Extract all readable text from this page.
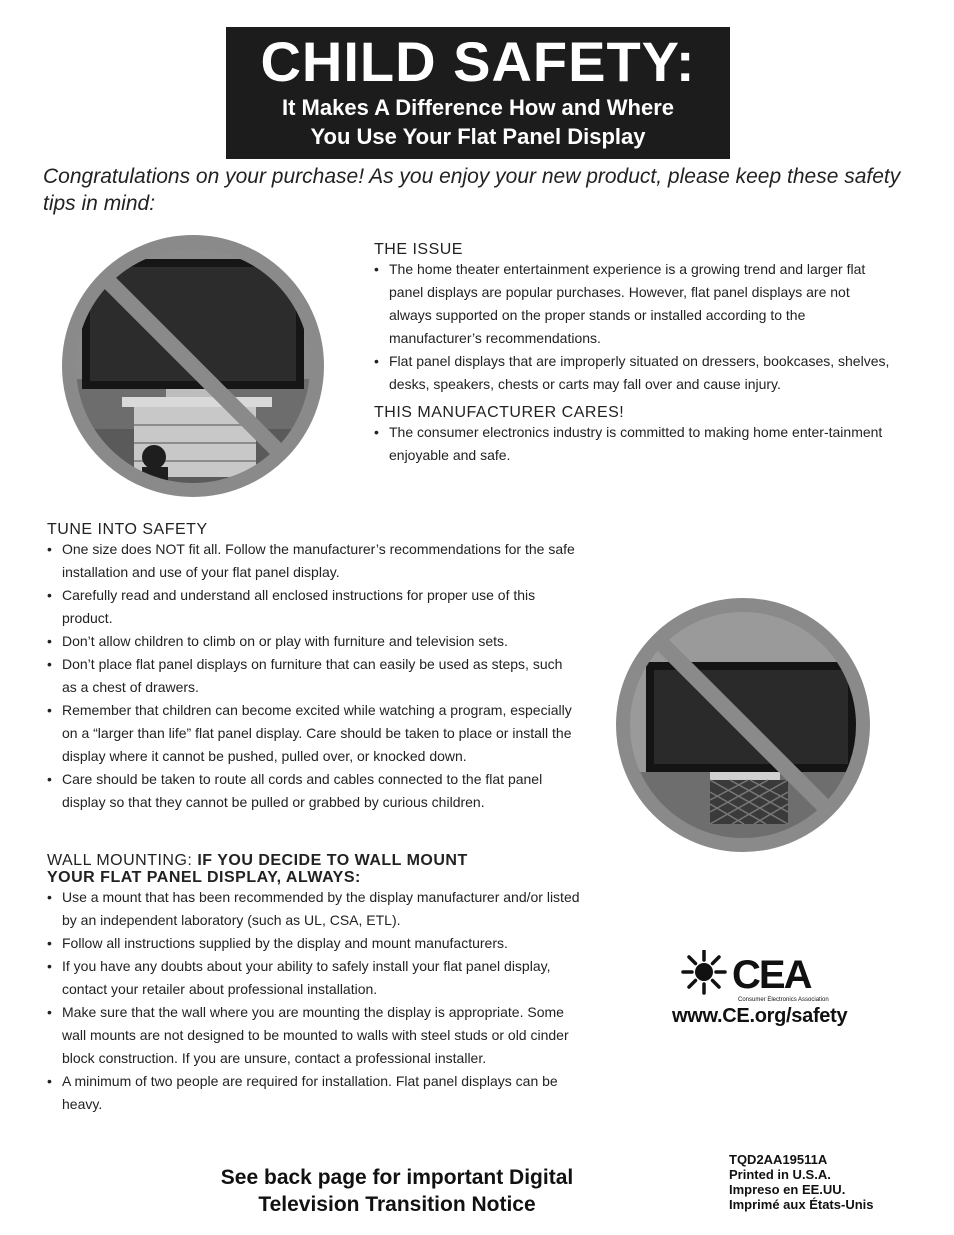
CHILD SAFETY:
It Makes A Difference How and Where
You Use Your Flat Panel Display
Congratulations on your purchase! As you enjoy your new product, please keep these safety tips in mind:
THE ISSUE
• The home theater entertainment experience is a growing trend and larger flat panel displays are popular purchases. However, flat panel displays are not always supported on the proper stands or installed according to the manufacturer’s recommendations.
• Flat panel displays that are improperly situated on dressers, bookcases, shelves, desks, speakers, chests or carts may fall over and cause injury.
THIS MANUFACTURER CARES!
• The consumer electronics industry is committed to making home enter-tainment enjoyable and safe.
TUNE INTO SAFETY
• One size does NOT fit all. Follow the manufacturer’s recommendations for the safe installation and use of your flat panel display.
• Carefully read and understand all enclosed instructions for proper use of this product.
• Don’t allow children to climb on or play with furniture and television sets.
• Don’t place flat panel displays on furniture that can easily be used as steps, such as a chest of drawers.
• Remember that children can become excited while watching a program, especially on a “larger than life” flat panel display. Care should be taken to place or install the display where it cannot be pushed, pulled over, or knocked down.
• Care should be taken to route all cords and cables connected to the flat panel display so that they cannot be pulled or grabbed by curious children.
WALL MOUNTING: IF YOU DECIDE TO WALL MOUNT
YOUR FLAT PANEL DISPLAY, ALWAYS:
• Use a mount that has been recommended by the display manufacturer and/or listed by an independent laboratory (such as UL, CSA, ETL).
• Follow all instructions supplied by the display and mount manufacturers.
• If you have any doubts about your ability to safely install your flat panel display, contact your retailer about professional installation.
• Make sure that the wall where you are mounting the display is appropriate. Some wall mounts are not designed to be mounted to walls with steel studs or old cinder block construction. If you are unsure, contact a professional installer.
• A minimum of two people are required for installation. Flat panel displays can be heavy.
CEA
Consumer Electronics Association
www.CE.org/safety
See back page for important Digital
Television Transition Notice
TQD2AA19511A
Printed in U.S.A.
Impreso en EE.UU.
Imprimé aux États-Unis
